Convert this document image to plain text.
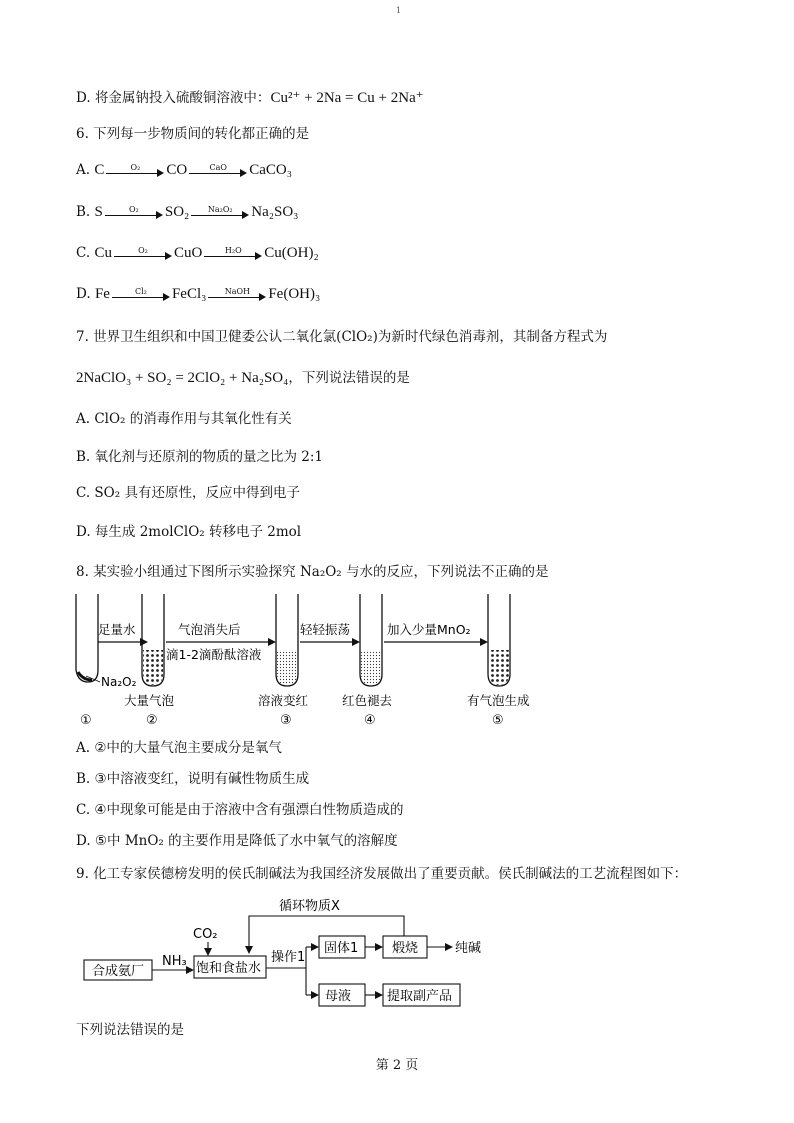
1
D. 将金属钠投入硫酸铜溶液中：Cu²⁺ + 2Na = Cu + 2Na⁺
6. 下列每一步物质间的转化都正确的是
A. C	O₂	CO	CaO	CaCO₃
B. S	O₂	SO₂	Na₂O₂	Na₂SO₃
C. Cu	O₂	CuO	H₂O	Cu(OH)₂
D. Fe	Cl₂	FeCl₃	NaOH	Fe(OH)₃
7. 世界卫生组织和中国卫健委公认二氧化氯(ClO₂)为新时代绿色消毒剂，其制备方程式为
2NaClO₃ + SO₂ = 2ClO₂ + Na₂SO₄，下列说法错误的是
A. ClO₂ 的消毒作用与其氧化性有关
B. 氧化剂与还原剂的物质的量之比为 2:1
C. SO₂ 具有还原性，反应中得到电子
D. 每生成 2molClO₂ 转移电子 2mol
8. 某实验小组通过下图所示实验探究 Na₂O₂ 与水的反应，下列说法不正确的是
Na₂O₂
足量水	气泡消失后
滴1-2滴酚酞溶液
轻轻振荡	加入少量MnO₂
大量气泡	溶液变红	红色褪去	有气泡生成
①	②	③	④	⑤
A. ②中的大量气泡主要成分是氧气
B. ③中溶液变红，说明有碱性物质生成
C. ④中现象可能是由于溶液中含有强漂白性物质造成的
D. ⑤中 MnO₂ 的主要作用是降低了水中氧气的溶解度
9. 化工专家侯德榜发明的侯氏制碱法为我国经济发展做出了重要贡献。侯氏制碱法的工艺流程图如下：
循环物质X
CO₂
合成氨厂
NH₃ 饱和食盐水
操作1
固体1	煅烧	纯碱
母液	提取副产品
下列说法错误的是
第 2 页
